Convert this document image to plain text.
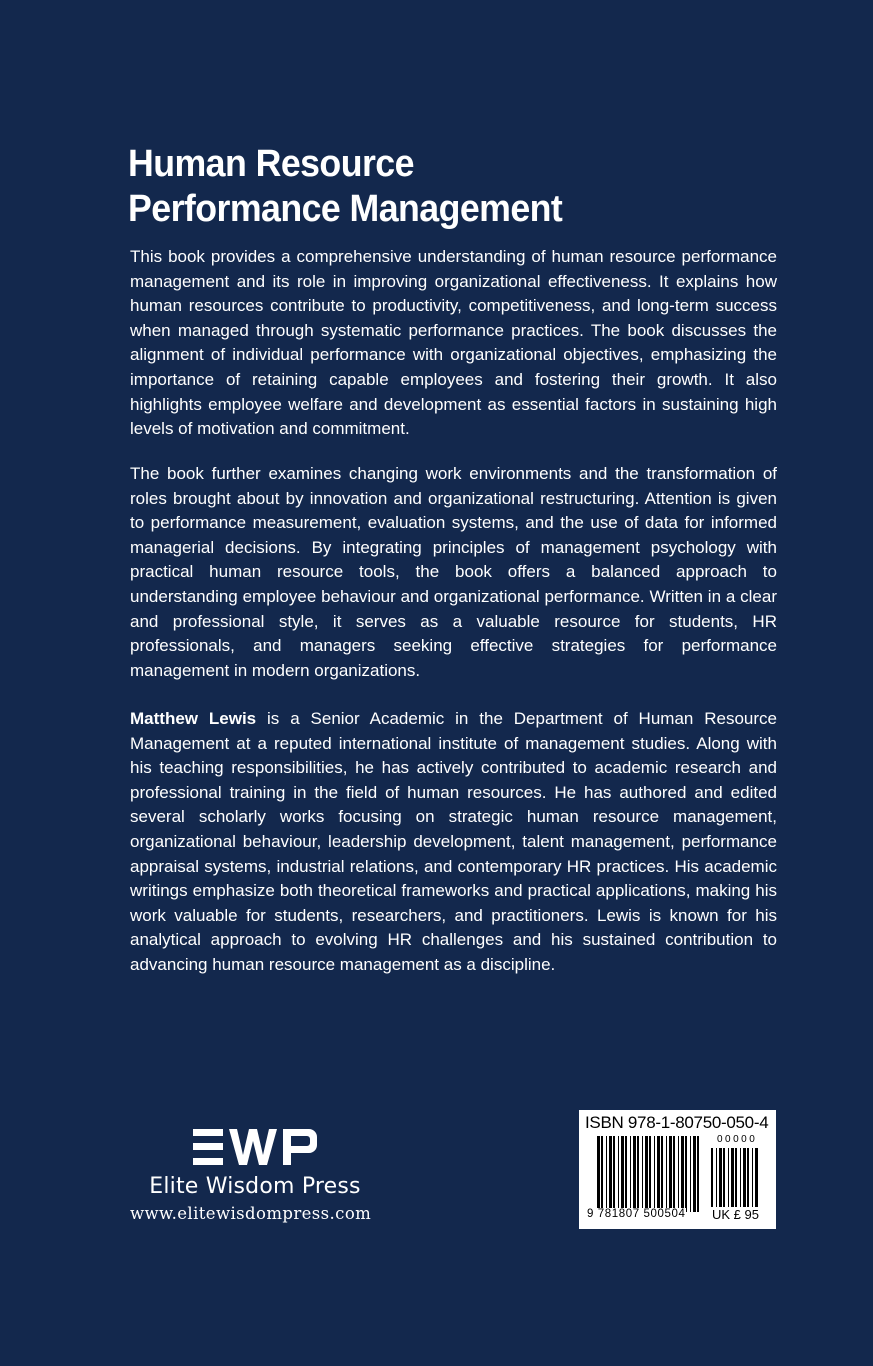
Human Resource
Performance Management

This book provides a comprehensive understanding of human resource performance management and its role in improving organizational effectiveness. It explains how human resources contribute to productivity, competitiveness, and long-term success when managed through systematic performance practices. The book discusses the alignment of individual performance with organizational objectives, emphasizing the importance of retaining capable employees and fostering their growth. It also highlights employee welfare and development as essential factors in sustaining high levels of motivation and commitment.

The book further examines changing work environments and the transformation of roles brought about by innovation and organizational restructuring. Attention is given to performance measurement, evaluation systems, and the use of data for informed managerial decisions. By integrating principles of management psychology with practical human resource tools, the book offers a balanced approach to understanding employee behaviour and organizational performance. Written in a clear and professional style, it serves as a valuable resource for students, HR professionals, and managers seeking effective strategies for performance management in modern organizations.

Matthew Lewis is a Senior Academic in the Department of Human Resource Management at a reputed international institute of management studies. Along with his teaching responsibilities, he has actively contributed to academic research and professional training in the field of human resources. He has authored and edited several scholarly works focusing on strategic human resource management, organizational behaviour, leadership development, talent management, performance appraisal systems, industrial relations, and contemporary HR practices. His academic writings emphasize both theoretical frameworks and practical applications, making his work valuable for students, researchers, and practitioners. Lewis is known for his analytical approach to evolving HR challenges and his sustained contribution to advancing human resource management as a discipline.

Elite Wisdom Press
www.elitewisdompress.com
ISBN 978-1-80750-050-4
00000
9 781807 500504 UK £ 95
